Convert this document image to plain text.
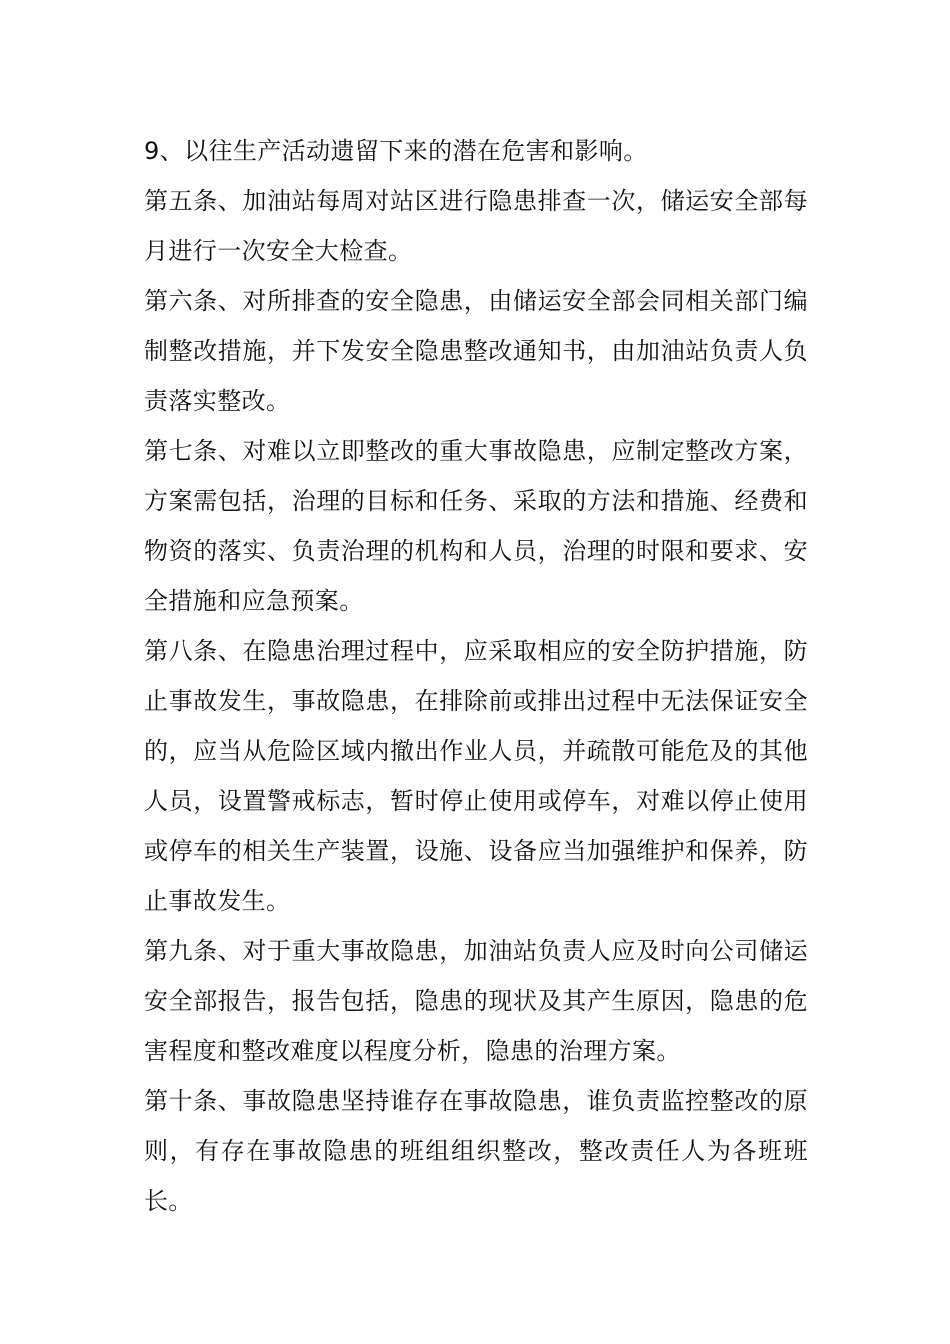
9、以往生产活动遗留下来的潜在危害和影响。

第五条、加油站每周对站区进行隐患排查一次，储运安全部每月进行一次安全大检查。

第六条、对所排查的安全隐患，由储运安全部会同相关部门编制整改措施，并下发安全隐患整改通知书，由加油站负责人负责落实整改。

第七条、对难以立即整改的重大事故隐患，应制定整改方案，方案需包括，治理的目标和任务、采取的方法和措施、经费和物资的落实、负责治理的机构和人员，治理的时限和要求、安全措施和应急预案。

第八条、在隐患治理过程中，应采取相应的安全防护措施，防止事故发生，事故隐患，在排除前或排出过程中无法保证安全的，应当从危险区域内撤出作业人员，并疏散可能危及的其他人员，设置警戒标志，暂时停止使用或停车，对难以停止使用或停车的相关生产装置，设施、设备应当加强维护和保养，防止事故发生。

第九条、对于重大事故隐患，加油站负责人应及时向公司储运安全部报告，报告包括，隐患的现状及其产生原因，隐患的危害程度和整改难度以程度分析，隐患的治理方案。

第十条、事故隐患坚持谁存在事故隐患，谁负责监控整改的原则，有存在事故隐患的班组组织整改，整改责任人为各班班长。
